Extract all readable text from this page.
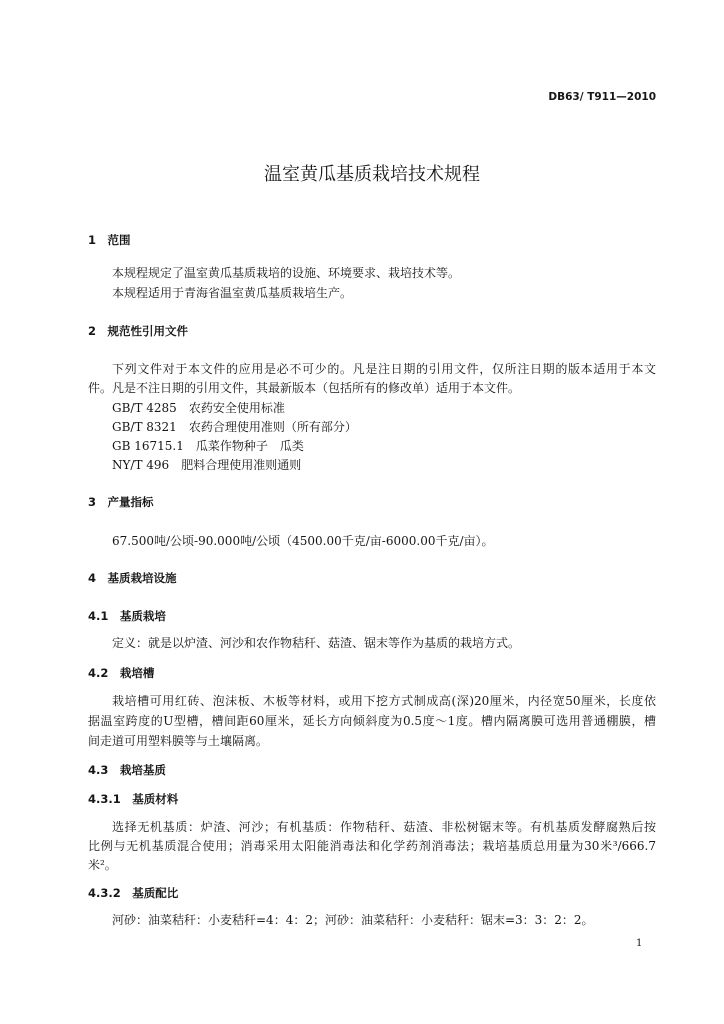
DB63/ T911—2010
温室黄瓜基质栽培技术规程
1 范围
本规程规定了温室黄瓜基质栽培的设施、环境要求、栽培技术等。
本规程适用于青海省温室黄瓜基质栽培生产。
2 规范性引用文件
下列文件对于本文件的应用是必不可少的。凡是注日期的引用文件，仅所注日期的版本适用于本文
件。凡是不注日期的引用文件，其最新版本（包括所有的修改单）适用于本文件。
GB/T 4285 农药安全使用标准
GB/T 8321 农药合理使用准则（所有部分）
GB 16715.1 瓜菜作物种子　瓜类
NY/T 496 肥料合理使用准则通则
3 产量指标
67.500吨/公顷-90.000吨/公顷（4500.00千克/亩-6000.00千克/亩）。
4 基质栽培设施
4.1 基质栽培
定义：就是以炉渣、河沙和农作物秸秆、菇渣、锯末等作为基质的栽培方式。
4.2 栽培槽
栽培槽可用红砖、泡沫板、木板等材料，或用下挖方式制成高(深)20厘米，内径宽50厘米，长度依
据温室跨度的U型槽，槽间距60厘米，延长方向倾斜度为0.5度～1度。槽内隔离膜可选用普通棚膜，槽
间走道可用塑料膜等与土壤隔离。
4.3 栽培基质
4.3.1 基质材料
选择无机基质：炉渣、河沙；有机基质：作物秸秆、菇渣、非松树锯末等。有机基质发酵腐熟后按
比例与无机基质混合使用；消毒采用太阳能消毒法和化学药剂消毒法；栽培基质总用量为30米³/666.7
米²。
4.3.2 基质配比
河砂：油菜秸秆：小麦秸秆=4：4：2；河砂：油菜秸秆：小麦秸秆：锯末=3：3：2：2。
1
